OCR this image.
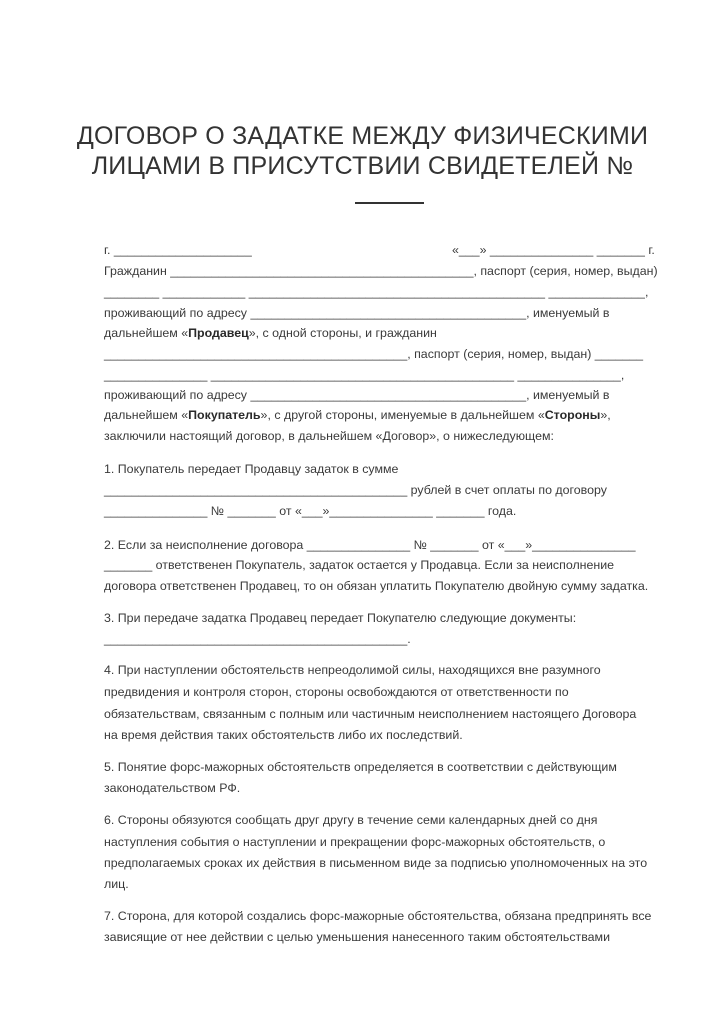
ДОГОВОР О ЗАДАТКЕ МЕЖДУ ФИЗИЧЕСКИМИ
ЛИЦАМИ В ПРИСУТСТВИИ СВИДЕТЕЛЕЙ №
г. ____________________	«___» _______________ _______ г.
Гражданин ____________________________________________, паспорт (серия, номер, выдан)
________ ____________ ___________________________________________ ______________,
проживающий по адресу ________________________________________, именуемый в
дальнейшем «Продавец», с одной стороны, и гражданин
____________________________________________, паспорт (серия, номер, выдан) _______
_______________ ____________________________________________ _______________,
проживающий по адресу ________________________________________, именуемый в
дальнейшем «Покупатель», с другой стороны, именуемые в дальнейшем «Стороны»,
заключили настоящий договор, в дальнейшем «Договор», о нижеследующем:
1. Покупатель передает Продавцу задаток в сумме
____________________________________________ рублей в счет оплаты по договору
_______________ № _______ от «___»_______________ _______ года.
2. Если за неисполнение договора _______________ № _______ от «___»_______________
_______ ответственен Покупатель, задаток остается у Продавца. Если за неисполнение
договора ответственен Продавец, то он обязан уплатить Покупателю двойную сумму задатка.
3. При передаче задатка Продавец передает Покупателю следующие документы:
____________________________________________.
4. При наступлении обстоятельств непреодолимой силы, находящихся вне разумного
предвидения и контроля сторон, стороны освобождаются от ответственности по
обязательствам, связанным с полным или частичным неисполнением настоящего Договора
на время действия таких обстоятельств либо их последствий.
5. Понятие форс-мажорных обстоятельств определяется в соответствии с действующим
законодательством РФ.
6. Стороны обязуются сообщать друг другу в течение семи календарных дней со дня
наступления события о наступлении и прекращении форс-мажорных обстоятельств, о
предполагаемых сроках их действия в письменном виде за подписью уполномоченных на это
лиц.
7. Сторона, для которой создались форс-мажорные обстоятельства, обязана предпринять все
зависящие от нее действии с целью уменьшения нанесенного таким обстоятельствами
